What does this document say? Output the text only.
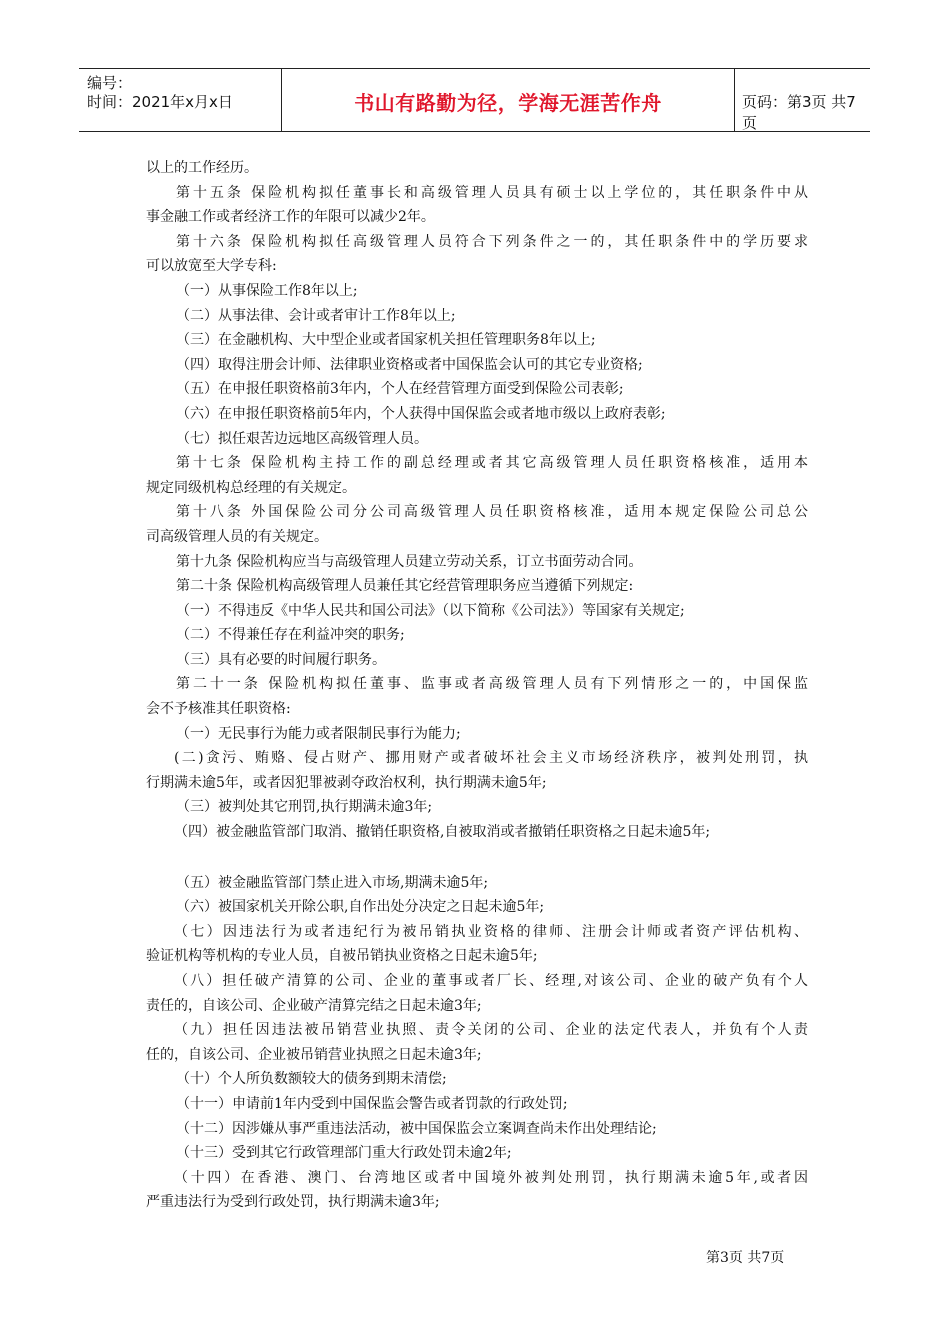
编号：
时间：2021年x月x日	书山有路勤为径，学海无涯苦作舟	页码：第3页 共7页
以上的工作经历。
第十五条 保险机构拟任董事长和高级管理人员具有硕士以上学位的，其任职条件中从
事金融工作或者经济工作的年限可以减少2年。
第十六条 保险机构拟任高级管理人员符合下列条件之一的，其任职条件中的学历要求
可以放宽至大学专科:
（一）从事保险工作8年以上;
（二）从事法律、会计或者审计工作8年以上;
（三）在金融机构、大中型企业或者国家机关担任管理职务8年以上;
（四）取得注册会计师、法律职业资格或者中国保监会认可的其它专业资格;
（五）在申报任职资格前3年内，个人在经营管理方面受到保险公司表彰;
（六）在申报任职资格前5年内，个人获得中国保监会或者地市级以上政府表彰;
（七）拟任艰苦边远地区高级管理人员。
第十七条 保险机构主持工作的副总经理或者其它高级管理人员任职资格核准，适用本
规定同级机构总经理的有关规定。
第十八条 外国保险公司分公司高级管理人员任职资格核准，适用本规定保险公司总公
司高级管理人员的有关规定。
第十九条 保险机构应当与高级管理人员建立劳动关系，订立书面劳动合同。
第二十条 保险机构高级管理人员兼任其它经营管理职务应当遵循下列规定:
（一）不得违反《中华人民共和国公司法》（以下简称《公司法》）等国家有关规定;
（二）不得兼任存在利益冲突的职务;
（三）具有必要的时间履行职务。
第二十一条 保险机构拟任董事、监事或者高级管理人员有下列情形之一的，中国保监
会不予核准其任职资格:
（一）无民事行为能力或者限制民事行为能力;
(二)贪污、贿赂、侵占财产、挪用财产或者破坏社会主义市场经济秩序，被判处刑罚，执
行期满未逾5年，或者因犯罪被剥夺政治权利，执行期满未逾5年;
（三）被判处其它刑罚,执行期满未逾3年;
（四）被金融监管部门取消、撤销任职资格,自被取消或者撤销任职资格之日起未逾5年;
（五）被金融监管部门禁止进入市场,期满未逾5年;
（六）被国家机关开除公职,自作出处分决定之日起未逾5年;
（七）因违法行为或者违纪行为被吊销执业资格的律师、注册会计师或者资产评估机构、
验证机构等机构的专业人员，自被吊销执业资格之日起未逾5年;
（八）担任破产清算的公司、企业的董事或者厂长、经理,对该公司、企业的破产负有个人
责任的，自该公司、企业破产清算完结之日起未逾3年;
（九）担任因违法被吊销营业执照、责令关闭的公司、企业的法定代表人，并负有个人责
任的，自该公司、企业被吊销营业执照之日起未逾3年;
（十）个人所负数额较大的债务到期未清偿;
（十一）申请前1年内受到中国保监会警告或者罚款的行政处罚;
（十二）因涉嫌从事严重违法活动，被中国保监会立案调查尚未作出处理结论;
（十三）受到其它行政管理部门重大行政处罚未逾2年;
（十四）在香港、澳门、台湾地区或者中国境外被判处刑罚，执行期满未逾5年,或者因
严重违法行为受到行政处罚，执行期满未逾3年;
第3页 共7页
